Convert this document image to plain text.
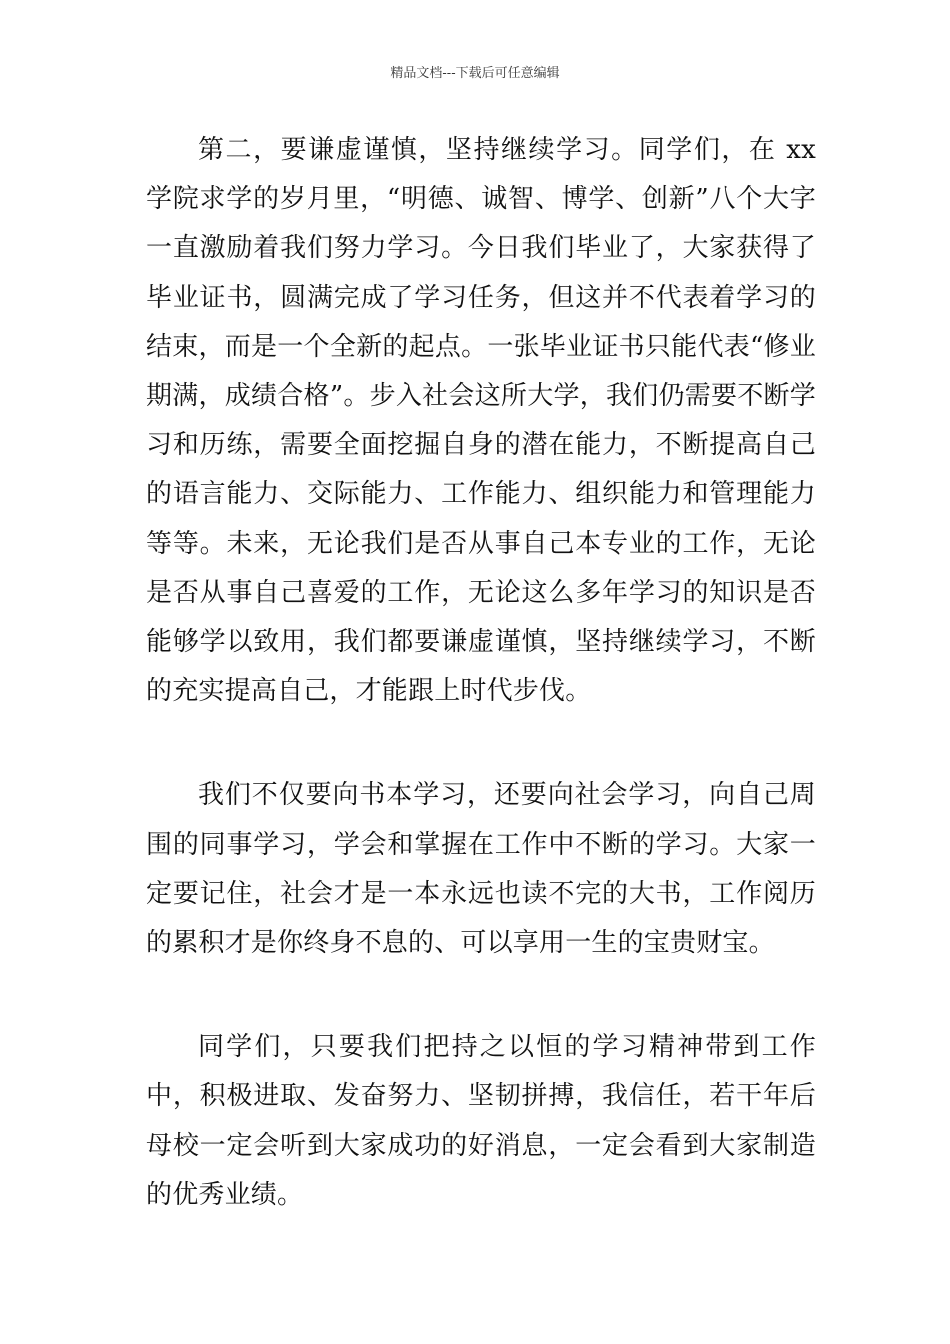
精品文档---下载后可任意编辑

第二，要谦虚谨慎，坚持继续学习。同学们，在 xx 学院求学的岁月里，“明德、诚智、博学、创新”八个大字一直激励着我们努力学习。今日我们毕业了，大家获得了毕业证书，圆满完成了学习任务，但这并不代表着学习的结束，而是一个全新的起点。一张毕业证书只能代表“修业期满，成绩合格”。步入社会这所大学，我们仍需要不断学习和历练，需要全面挖掘自身的潜在能力，不断提高自己的语言能力、交际能力、工作能力、组织能力和管理能力等等。未来，无论我们是否从事自己本专业的工作，无论是否从事自己喜爱的工作，无论这么多年学习的知识是否能够学以致用，我们都要谦虚谨慎，坚持继续学习，不断的充实提高自己，才能跟上时代步伐。

我们不仅要向书本学习，还要向社会学习，向自己周围的同事学习，学会和掌握在工作中不断的学习。大家一定要记住，社会才是一本永远也读不完的大书，工作阅历的累积才是你终身不息的、可以享用一生的宝贵财宝。

同学们，只要我们把持之以恒的学习精神带到工作中，积极进取、发奋努力、坚韧拼搏，我信任，若干年后母校一定会听到大家成功的好消息，一定会看到大家制造的优秀业绩。
